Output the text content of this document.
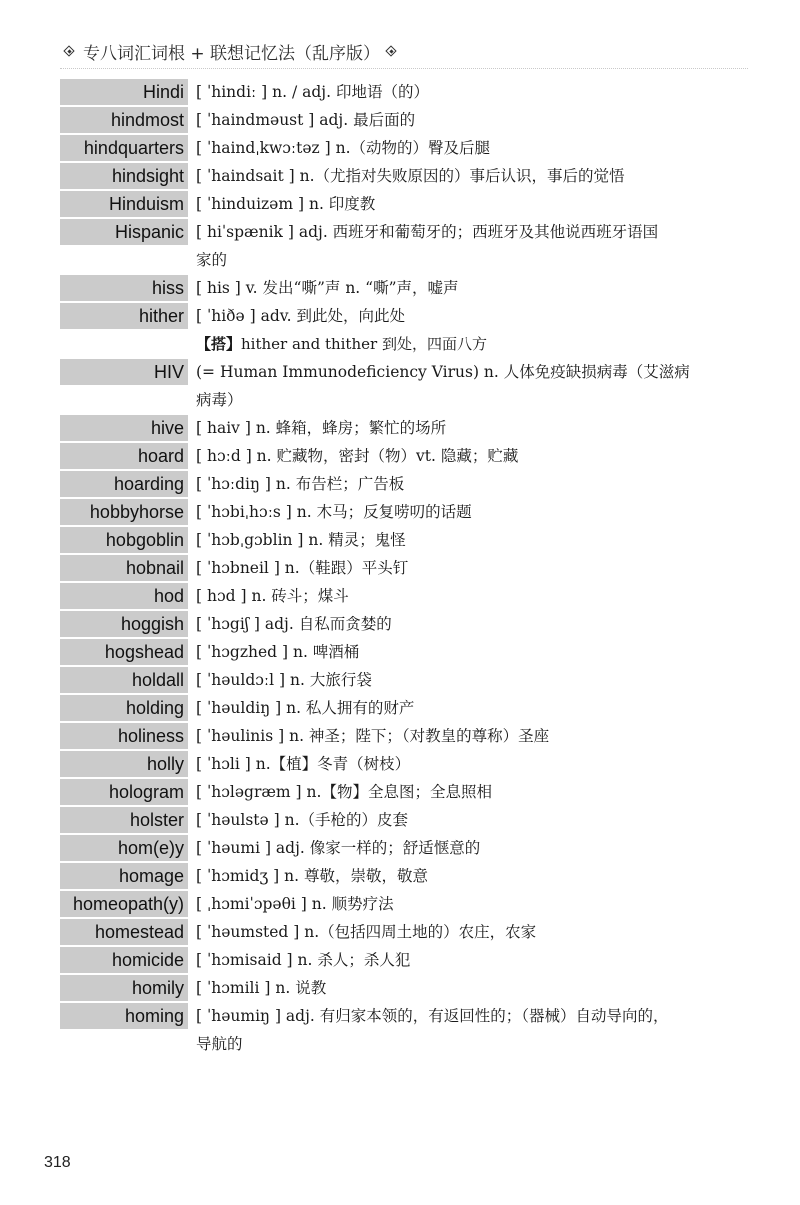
专八词汇词根 + 联想记忆法（乱序版）
Hindi [ ˈhindiː ] n. / adj. 印地语（的）
hindmost [ ˈhaindməust ] adj. 最后面的
hindquarters [ ˈhaindˌkwɔːtəz ] n.（动物的）臀及后腿
hindsight [ ˈhaindsait ] n.（尤指对失败原因的）事后认识，事后的觉悟
Hinduism [ ˈhinduizəm ] n. 印度教
Hispanic [ hiˈspænik ] adj. 西班牙和葡萄牙的；西班牙及其他说西班牙语国
家的
hiss [ his ] v. 发出“嘶”声 n. “嘶”声，嘘声
hither [ ˈhiðə ] adv. 到此处，向此处
【搭】hither and thither 到处，四面八方
HIV (= Human Immunodeficiency Virus) n. 人体免疫缺损病毒（艾滋病
病毒）
hive [ haiv ] n. 蜂箱，蜂房；繁忙的场所
hoard [ hɔːd ] n. 贮藏物，密封（物）vt. 隐藏；贮藏
hoarding [ ˈhɔːdiŋ ] n. 布告栏；广告板
hobbyhorse [ ˈhɔbiˌhɔːs ] n. 木马；反复唠叨的话题
hobgoblin [ ˈhɔbˌgɔblin ] n. 精灵；鬼怪
hobnail [ ˈhɔbneil ] n.（鞋跟）平头钉
hod [ hɔd ] n. 砖斗；煤斗
hoggish [ ˈhɔgiʃ ] adj. 自私而贪婪的
hogshead [ ˈhɔgzhed ] n. 啤酒桶
holdall [ ˈhəuldɔːl ] n. 大旅行袋
holding [ ˈhəuldiŋ ] n. 私人拥有的财产
holiness [ ˈhəulinis ] n. 神圣；陛下；（对教皇的尊称）圣座
holly [ ˈhɔli ] n.【植】冬青（树枝）
hologram [ ˈhɔləgræm ] n.【物】全息图；全息照相
holster [ ˈhəulstə ] n.（手枪的）皮套
hom(e)y [ ˈhəumi ] adj. 像家一样的；舒适惬意的
homage [ ˈhɔmidʒ ] n. 尊敬，崇敬，敬意
homeopath(y) [ ˌhɔmiˈɔpəθi ] n. 顺势疗法
homestead [ ˈhəumsted ] n.（包括四周土地的）农庄，农家
homicide [ ˈhɔmisaid ] n. 杀人；杀人犯
homily [ ˈhɔmili ] n. 说教
homing [ ˈhəumiŋ ] adj. 有归家本领的，有返回性的；（器械）自动导向的，
导航的
318
